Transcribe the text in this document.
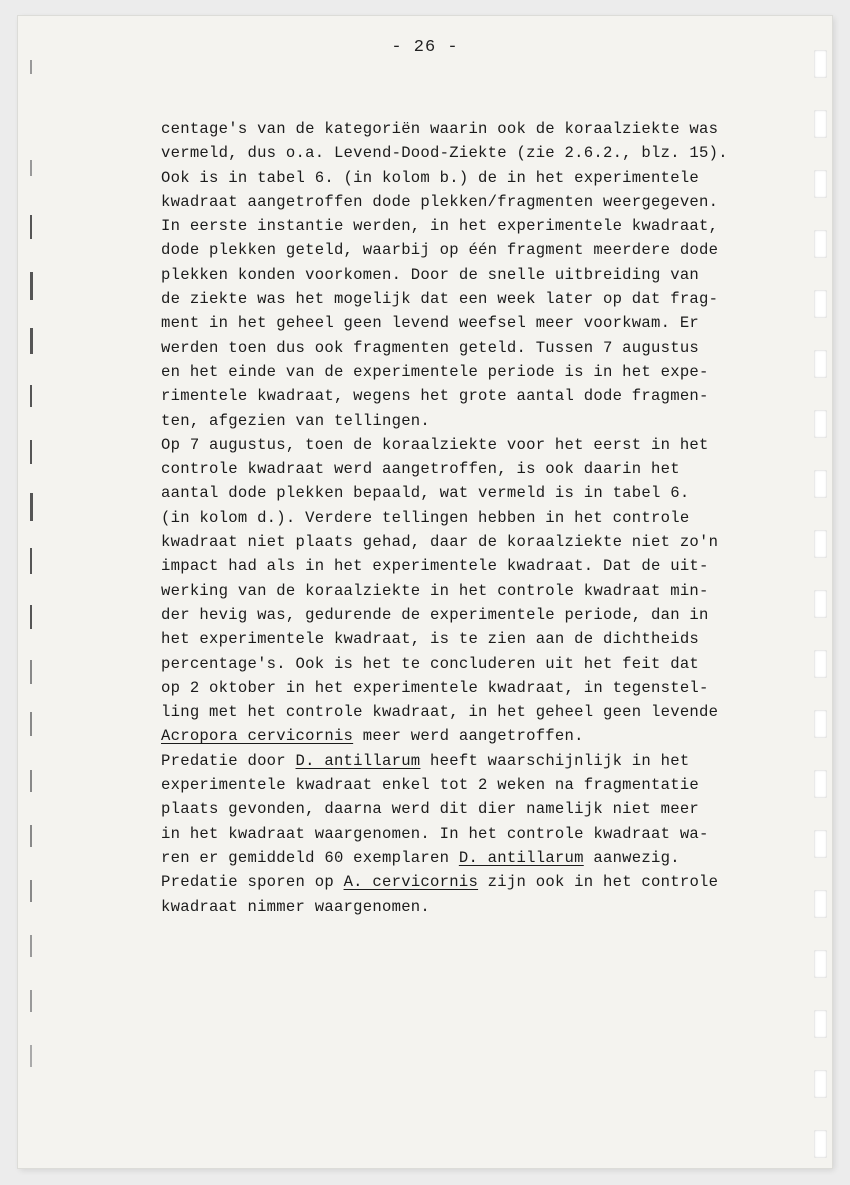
- 26 -
centage's van de kategoriën waarin ook de koraalziekte was
vermeld, dus o.a. Levend-Dood-Ziekte (zie 2.6.2., blz. 15).
Ook is in tabel 6. (in kolom b.) de in het experimentele
kwadraat aangetroffen dode plekken/fragmenten weergegeven.
In eerste instantie werden, in het experimentele kwadraat,
dode plekken geteld, waarbij op één fragment meerdere dode
plekken konden voorkomen. Door de snelle uitbreiding van
de ziekte was het mogelijk dat een week later op dat frag-
ment in het geheel geen levend weefsel meer voorkwam. Er
werden toen dus ook fragmenten geteld. Tussen 7 augustus
en het einde van de experimentele periode is in het expe-
rimentele kwadraat, wegens het grote aantal dode fragmen-
ten, afgezien van tellingen.
Op 7 augustus, toen de koraalziekte voor het eerst in het
controle kwadraat werd aangetroffen, is ook daarin het
aantal dode plekken bepaald, wat vermeld is in tabel 6.
(in kolom d.). Verdere tellingen hebben in het controle
kwadraat niet plaats gehad, daar de koraalziekte niet zo'n
impact had als in het experimentele kwadraat. Dat de uit-
werking van de koraalziekte in het controle kwadraat min-
der hevig was, gedurende de experimentele periode, dan in
het experimentele kwadraat, is te zien aan de dichtheids
percentage's. Ook is het te concluderen uit het feit dat
op 2 oktober in het experimentele kwadraat, in tegenstel-
ling met het controle kwadraat, in het geheel geen levende
Acropora cervicornis meer werd aangetroffen.
Predatie door D. antillarum heeft waarschijnlijk in het
experimentele kwadraat enkel tot 2 weken na fragmentatie
plaats gevonden, daarna werd dit dier namelijk niet meer
in het kwadraat waargenomen. In het controle kwadraat wa-
ren er gemiddeld 60 exemplaren D. antillarum aanwezig.
Predatie sporen op A. cervicornis zijn ook in het controle
kwadraat nimmer waargenomen.
